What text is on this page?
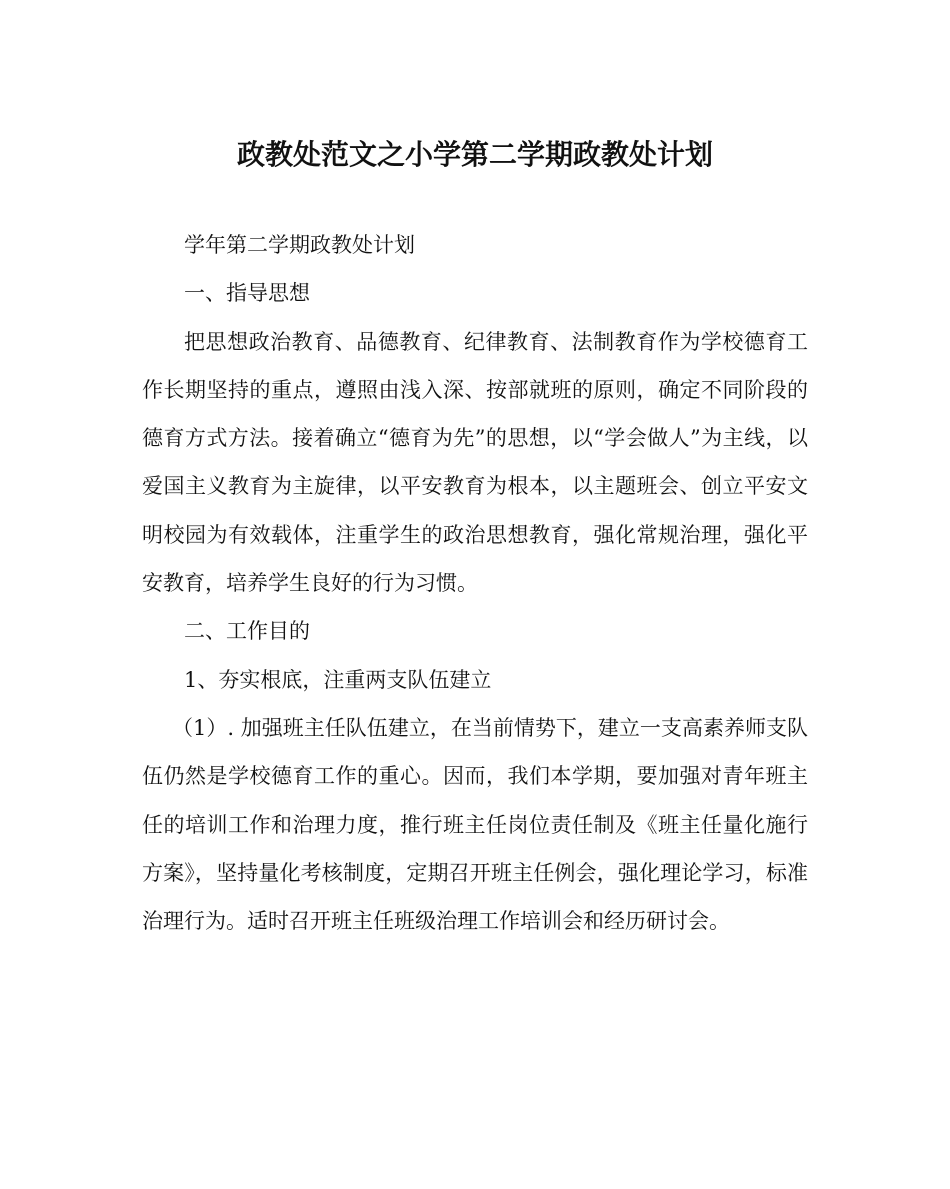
政教处范文之小学第二学期政教处计划

学年第二学期政教处计划

一、指导思想

把思想政治教育、品德教育、纪律教育、法制教育作为学校德育工作长期坚持的重点，遵照由浅入深、按部就班的原则，确定不同阶段的德育方式方法。接着确立“德育为先”的思想，以“学会做人”为主线，以爱国主义教育为主旋律，以平安教育为根本，以主题班会、创立平安文明校园为有效载体，注重学生的政治思想教育，强化常规治理，强化平安教育，培养学生良好的行为习惯。

二、工作目的

1、夯实根底，注重两支队伍建立

（1）. 加强班主任队伍建立，在当前情势下，建立一支高素养师支队伍仍然是学校德育工作的重心。因而，我们本学期，要加强对青年班主任的培训工作和治理力度，推行班主任岗位责任制及《班主任量化施行方案》，坚持量化考核制度，定期召开班主任例会，强化理论学习，标准治理行为。适时召开班主任班级治理工作培训会和经历研讨会。
